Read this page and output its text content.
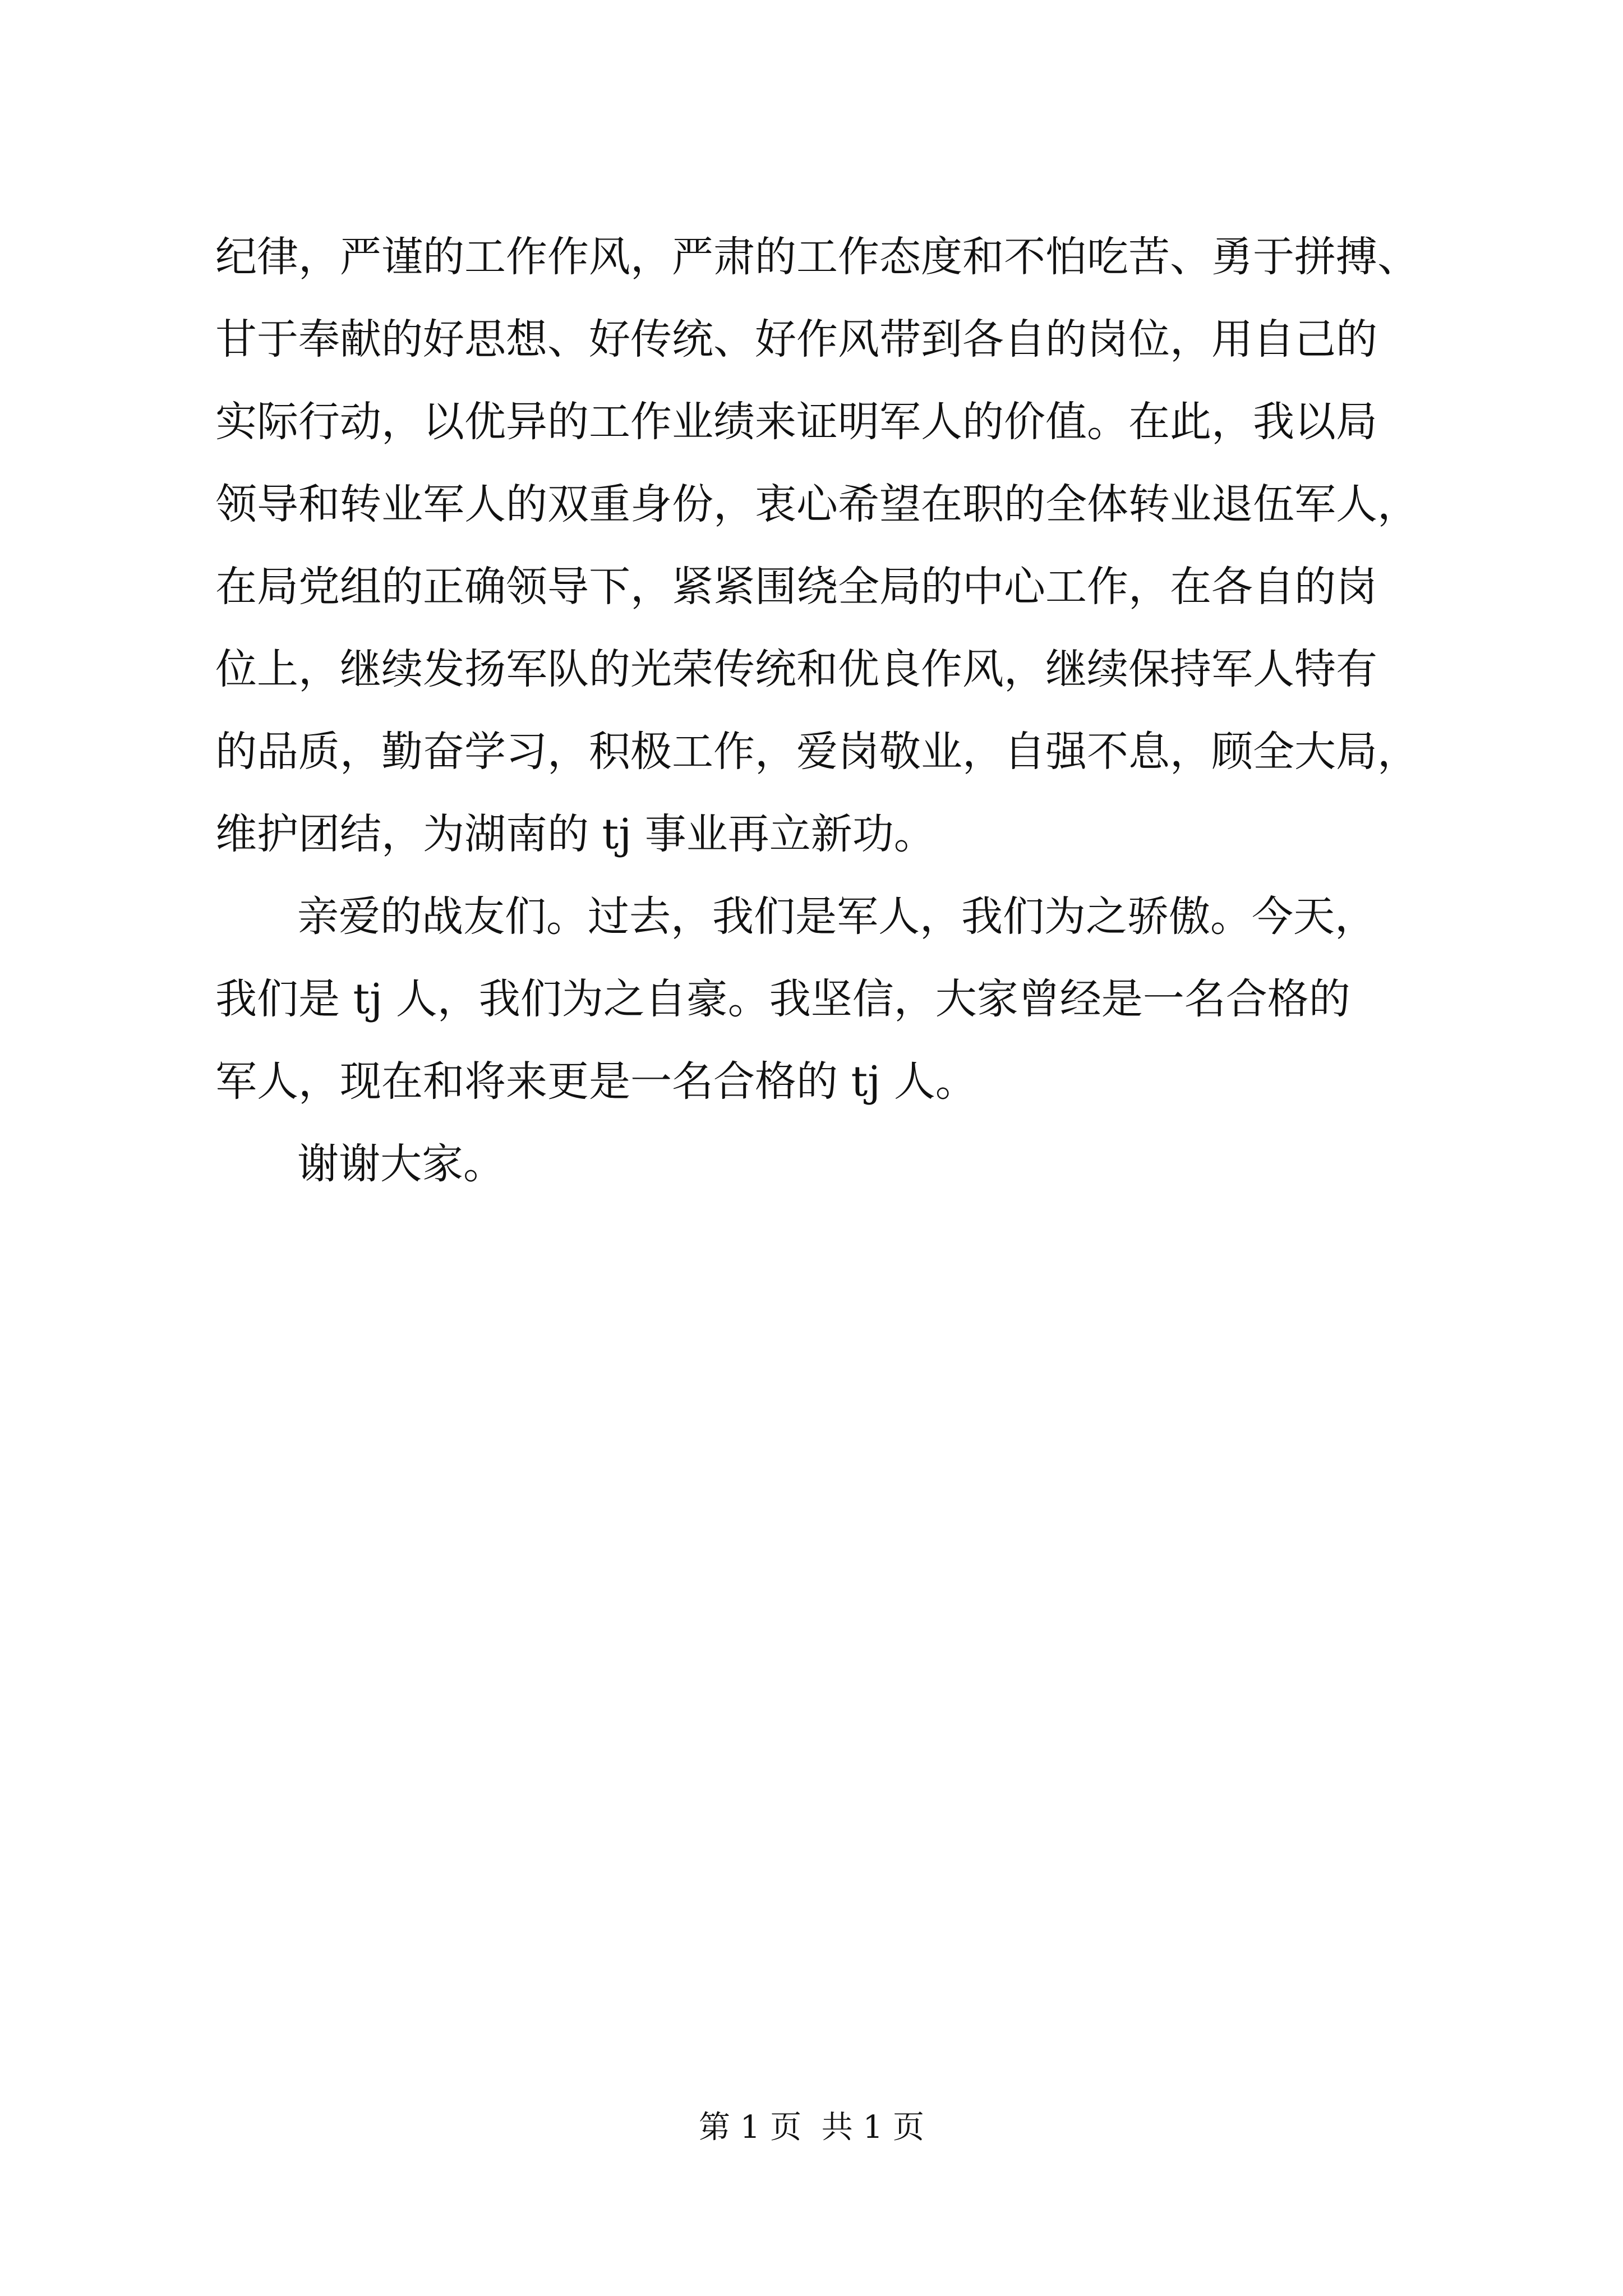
纪律，严谨的工作作风，严肃的工作态度和不怕吃苦、勇于拼搏、
甘于奉献的好思想、好传统、好作风带到各自的岗位，用自己的
实际行动，以优异的工作业绩来证明军人的价值。在此，我以局
领导和转业军人的双重身份，衷心希望在职的全体转业退伍军人，
在局党组的正确领导下，紧紧围绕全局的中心工作，在各自的岗
位上，继续发扬军队的光荣传统和优良作风，继续保持军人特有
的品质，勤奋学习，积极工作，爱岗敬业，自强不息，顾全大局，
维护团结，为湖南的 tj 事业再立新功。
亲爱的战友们。过去，我们是军人，我们为之骄傲。今天，
我们是 tj 人，我们为之自豪。我坚信，大家曾经是一名合格的
军人，现在和将来更是一名合格的 tj 人。
谢谢大家。
第 1 页  共 1 页
